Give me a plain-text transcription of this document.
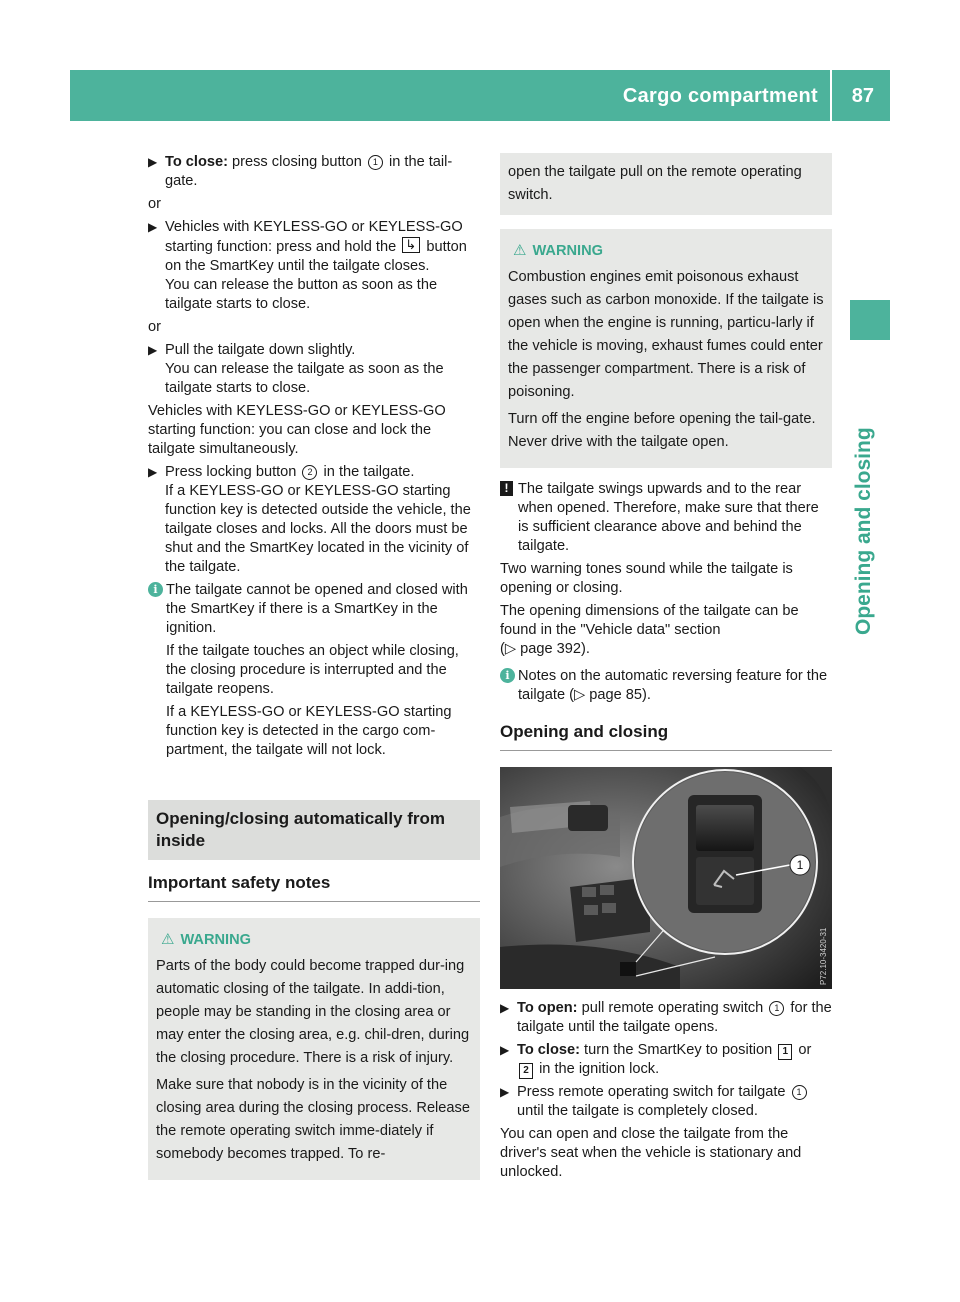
Cargo compartment 87
Opening and closing
▶ To close: press closing button 1 in the tail-gate.

or

▶ Vehicles with KEYLESS-GO or KEYLESS-GO starting function: press and hold the ↳ button on the SmartKey until the tailgate closes.
You can release the button as soon as the tailgate starts to close.

or

▶ Pull the tailgate down slightly.
You can release the tailgate as soon as the tailgate starts to close.

Vehicles with KEYLESS-GO or KEYLESS-GO starting function: you can close and lock the tailgate simultaneously.

▶ Press locking button 2 in the tailgate.
If a KEYLESS-GO or KEYLESS-GO starting function key is detected outside the vehicle, the tailgate closes and locks. All the doors must be shut and the SmartKey located in the vicinity of the tailgate.
i The tailgate cannot be opened and closed with the SmartKey if there is a SmartKey in the ignition.

If the tailgate touches an object while closing, the closing procedure is interrupted and the tailgate reopens.

If a KEYLESS-GO or KEYLESS-GO starting function key is detected in the cargo com-partment, the tailgate will not lock.

Opening/closing automatically from inside
Important safety notes
⚠ WARNING

Parts of the body could become trapped dur-ing automatic closing of the tailgate. In addi-tion, people may be standing in the closing area or may enter the closing area, e.g. chil-dren, during the closing procedure. There is a risk of injury.

Make sure that nobody is in the vicinity of the closing area during the closing process. Release the remote operating switch imme-diately if somebody becomes trapped. To re-

open the tailgate pull on the remote operating switch.
⚠ WARNING

Combustion engines emit poisonous exhaust gases such as carbon monoxide. If the tailgate is open when the engine is running, particu-larly if the vehicle is moving, exhaust fumes could enter the passenger compartment. There is a risk of poisoning.

Turn off the engine before opening the tail-gate. Never drive with the tailgate open.

! The tailgate swings upwards and to the rear when opened. Therefore, make sure that there is sufficient clearance above and behind the tailgate.

Two warning tones sound while the tailgate is opening or closing.

The opening dimensions of the tailgate can be found in the "Vehicle data" section
(▷ page 392).

i Notes on the automatic reversing feature for the tailgate (▷ page 85).
Opening and closing
1
P72.10-3420-31
▶ To open: pull remote operating switch 1 for the tailgate until the tailgate opens.
▶ To close: turn the SmartKey to position 1 or 2 in the ignition lock.
▶ Press remote operating switch for tailgate 1 until the tailgate is completely closed.

You can open and close the tailgate from the driver's seat when the vehicle is stationary and unlocked.
